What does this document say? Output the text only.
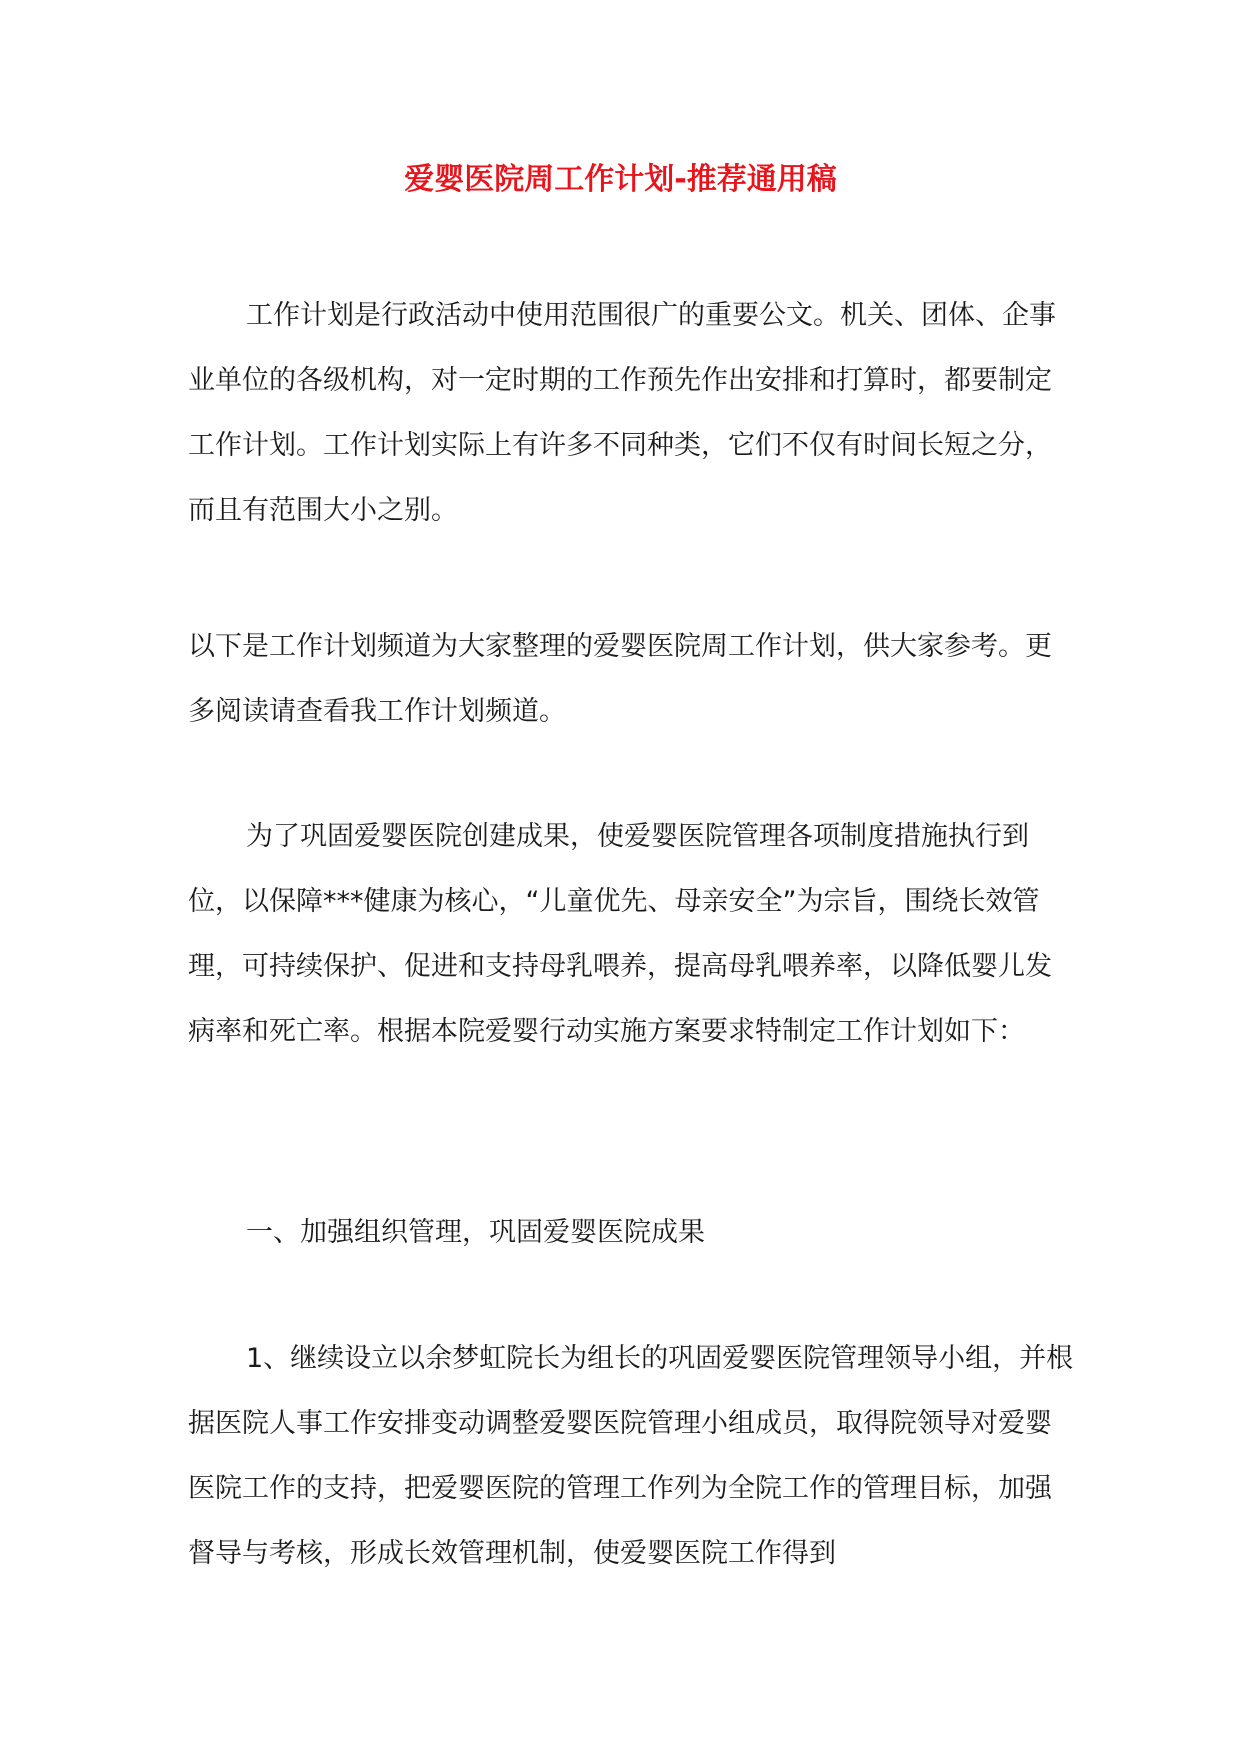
爱婴医院周工作计划-推荐通用稿

工作计划是行政活动中使用范围很广的重要公文。机关、团体、企事业单位的各级机构，对一定时期的工作预先作出安排和打算时，都要制定工作计划。工作计划实际上有许多不同种类，它们不仅有时间长短之分，而且有范围大小之别。

以下是工作计划频道为大家整理的爱婴医院周工作计划，供大家参考。更多阅读请查看我工作计划频道。

为了巩固爱婴医院创建成果，使爱婴医院管理各项制度措施执行到位，以保障***健康为核心，“儿童优先、母亲安全”为宗旨，围绕长效管理，可持续保护、促进和支持母乳喂养，提高母乳喂养率，以降低婴儿发病率和死亡率。根据本院爱婴行动实施方案要求特制定工作计划如下：

一、加强组织管理，巩固爱婴医院成果

1、继续设立以余梦虹院长为组长的巩固爱婴医院管理领导小组，并根据医院人事工作安排变动调整爱婴医院管理小组成员，取得院领导对爱婴医院工作的支持，把爱婴医院的管理工作列为全院工作的管理目标，加强督导与考核，形成长效管理机制，使爱婴医院工作得到
